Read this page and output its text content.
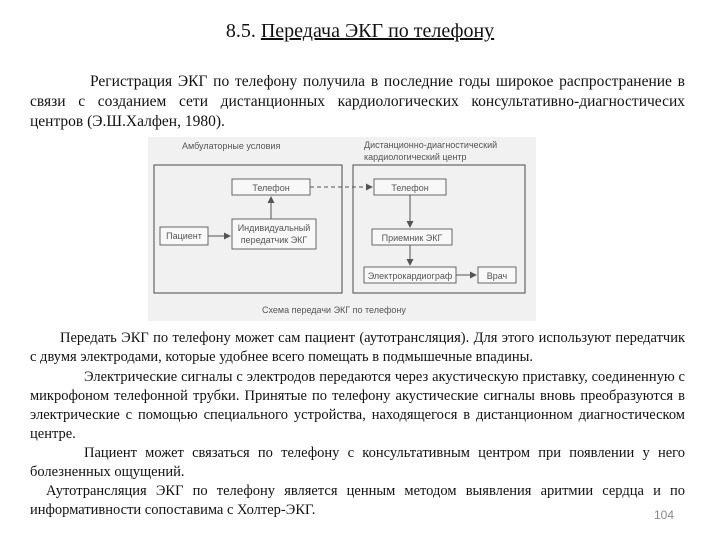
8.5. Передача ЭКГ по телефону

Регистрация ЭКГ по телефону получила в последние годы широкое распространение в связи с созданием сети дистанционных кардиологических консультативно-диагностичесих центров (Э.Ш.Халфен, 1980).

Амбулаторные условия	Дистанционно-диагностический
кардиологический центр
Телефон
Пациент
Индивидуальный
передатчик ЭКГ
Телефон
Приемник ЭКГ
Электрокардиограф	Врач
Схема передачи ЭКГ по телефону

Передать ЭКГ по телефону может сам пациент (аутотрансляция). Для этого используют передатчик с двумя электродами, которые удобнее всего помещать в подмышечные впадины.

Электрические сигналы с электродов передаются через акустическую приставку, соединенную с микрофоном телефонной трубки. Принятые по телефону акустические сигналы вновь преобразуются в электрические с помощью специального устройства, находящегося в дистанционном диагностическом центре.

Пациент может связаться по телефону с консультативным центром при появлении у него болезненных ощущений.

Аутотрансляция ЭКГ по телефону является ценным методом выявления аритмии сердца и по информативности сопоставима с Холтер-ЭКГ.	104
